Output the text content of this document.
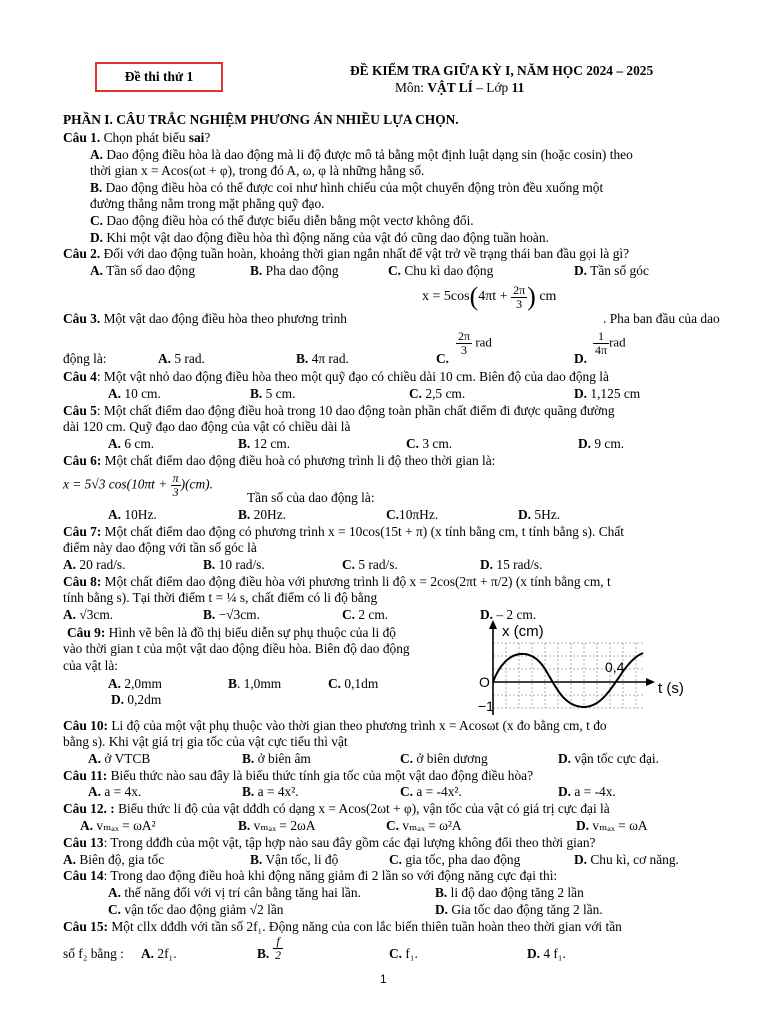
Đề thi thử 1	ĐỀ KIỂM TRA GIỮA KỲ I, NĂM HỌC 2024 – 2025
Môn: VẬT LÍ – Lớp 11
PHẦN I. CÂU TRẮC NGHIỆM PHƯƠNG ÁN NHIỀU LỰA CHỌN.
Câu 1. Chọn phát biểu sai?
A. Dao động điều hòa là dao động mà li độ được mô tả bằng một định luật dạng sin (hoặc cosin) theo
thời gian x = Acos(ωt + φ), trong đó A, ω, φ là những hằng số.
B. Dao động điều hòa có thể được coi như hình chiếu của một chuyển động tròn đều xuống một
đường thẳng nằm trong mặt phẳng quỹ đạo.
C. Dao động điều hòa có thể được biểu diễn bằng một vectơ không đổi.
D. Khi một vật dao động điều hòa thì động năng của vật đó cũng dao động tuần hoàn.
Câu 2. Đối với dao động tuần hoàn, khoảng thời gian ngắn nhất để vật trở về trạng thái ban đầu gọi là gì?
A. Tần số dao động	B. Pha dao động	C. Chu kì dao động	D. Tần số góc
Câu 3. Một vật dao động điều hòa theo phương trình
$x = 5\cos(4\pi t + \frac{2\pi}{3}$ ) cm
. Pha ban đầu của dao
động là:	A. 5 rad.	B. 4π rad.	C.
$\frac{2\pi}{3}$ rad
D.
$\frac{1}{4\pi}$ rad
Câu 4: Một vật nhỏ dao động điều hòa theo một quỹ đạo có chiều dài 10 cm. Biên độ của dao động là
A. 10 cm.	B. 5 cm.	C. 2,5 cm.	D. 1,125 cm
Câu 5: Một chất điểm dao động điều hoà trong 10 dao động toàn phần chất điểm đi được quãng đường
dài 120 cm. Quỹ đạo dao động của vật có chiều dài là
A. 6 cm.	B. 12 cm.	C. 3 cm.	D. 9 cm.
Câu 6: Một chất điểm dao động điều hoà có phương trình li độ theo thời gian là:
x = 5√3 $\cos(10\pi t + \frac{\pi}{3} )(cm)$.
Tần số của dao động là:
A. 10Hz.	B. 20Hz.	C.10πHz.	D. 5Hz.
Câu 7: Một chất điểm dao động có phương trình x = 10cos(15t + π) (x tính bằng cm, t tính bằng s). Chất
điểm này dao động với tần số góc là
A. 20 rad/s.	B. 10 rad/s.	C. 5 rad/s.	D. 15 rad/s.
Câu 8: Một chất điểm dao động điều hòa với phương trình li độ x = 2cos(2πt + π/2) (x tính bằng cm, t
tính bằng s). Tại thời điểm t = ¼ s, chất điểm có li độ bằng
A. √3cm.	B. −√3cm.	C. 2 cm.	D. – 2 cm.
Câu 9: Hình vẽ bên là đồ thị biểu diễn sự phụ thuộc của li độ
vào thời gian t của một vật dao động điều hòa. Biên độ dao động
của vật là:
A. 2,0mm	B. 1,0mm	C. 0,1dm
D. 0,2dm
x (cm)
t (s)
O
0,4
−1
Câu 10: Li độ của một vật phụ thuộc vào thời gian theo phương trình x = Acosωt (x đo bằng cm, t đo
bằng s). Khi vật giá trị gia tốc của vật cực tiểu thì vật
A. ở VTCB	B. ở biên âm	C. ở biên dương	D. vận tốc cực đại.
Câu 11: Biểu thức nào sau đây là biểu thức tính gia tốc của một vật dao động điều hòa?
A. a = 4x.	B. a = 4x².	C. a = -4x².	D. a = -4x.
Câu 12. : Biểu thức li độ của vật dđdh có dạng x = Acos(2ωt + φ), vận tốc của vật có giá trị cực đại là
A. vₘₐₓ = ωA²	B. vₘₐₓ = 2ωA	C. vₘₐₓ = ω²A	D. vₘₐₓ = ωA
Câu 13: Trong dđđh của một vật, tập hợp nào sau đây gồm các đại lượng không đổi theo thời gian?
A. Biên độ, gia tốc	B. Vận tốc, li độ	C. gia tốc, pha dao động	D. Chu kì, cơ năng.
Câu 14: Trong dao động điều hoà khi động năng giảm đi 2 lần so với động năng cực đại thì:
A. thế năng đối với vị trí cân bằng tăng hai lần.	B. li độ dao động tăng 2 lần
C. vận tốc dao động giảm √2 lần	D. Gia tốc dao động tăng 2 lần.
Câu 15: Một cllx dđdh với tần số 2f₁. Động năng của con lắc biến thiên tuần hoàn theo thời gian với tần
số f₂ bằng : A. 2f₁.	B. $\frac{f}{2}$	C. f₁.	D. 4 f₁.
1
